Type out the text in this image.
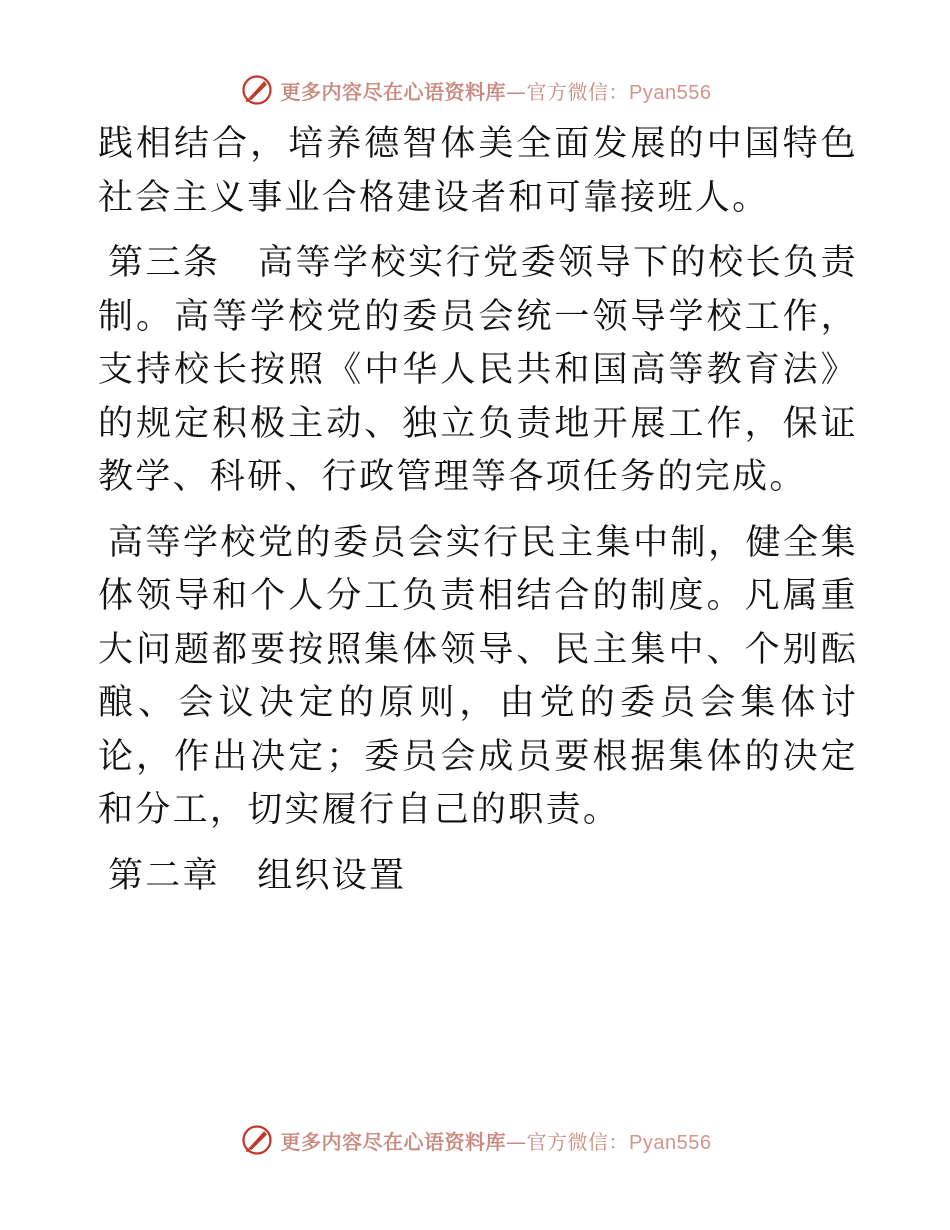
更多内容尽在心语资料库—官方微信：Pyan556

践相结合，培养德智体美全面发展的中国特色社会主义事业合格建设者和可靠接班人。

第三条　高等学校实行党委领导下的校长负责制。高等学校党的委员会统一领导学校工作，支持校长按照《中华人民共和国高等教育法》的规定积极主动、独立负责地开展工作，保证教学、科研、行政管理等各项任务的完成。

高等学校党的委员会实行民主集中制，健全集体领导和个人分工负责相结合的制度。凡属重大问题都要按照集体领导、民主集中、个别酝酿、会议决定的原则，由党的委员会集体讨论，作出决定；委员会成员要根据集体的决定和分工，切实履行自己的职责。

第二章　组织设置

更多内容尽在心语资料库—官方微信：Pyan556
